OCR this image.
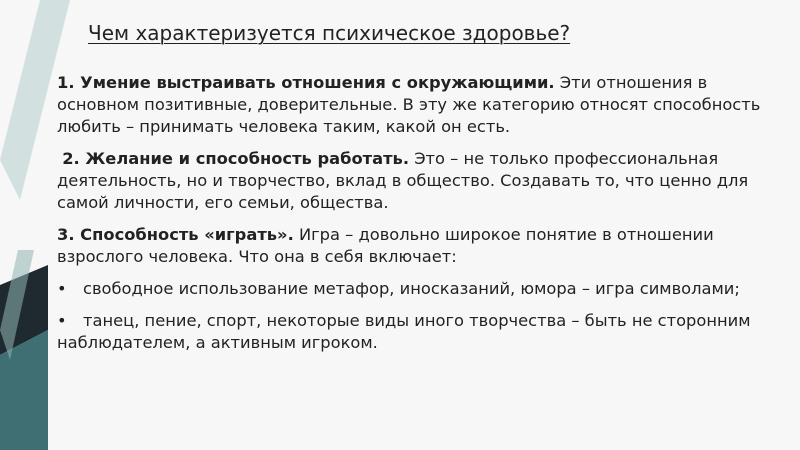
Чем характеризуется психическое здоровье?

1. Умение выстраивать отношения с окружающими. Эти отношения в основном позитивные, доверительные. В эту же категорию относят способность любить – принимать человека таким, какой он есть.

2. Желание и способность работать. Это – не только профессиональная деятельность, но и творчество, вклад в общество. Создавать то, что ценно для самой личности, его семьи, общества.

3. Способность «играть». Игра – довольно широкое понятие в отношении взрослого человека. Что она в себя включает:

• свободное использование метафор, иносказаний, юмора – игра символами;

• танец, пение, спорт, некоторые виды иного творчества – быть не сторонним наблюдателем, а активным игроком.
